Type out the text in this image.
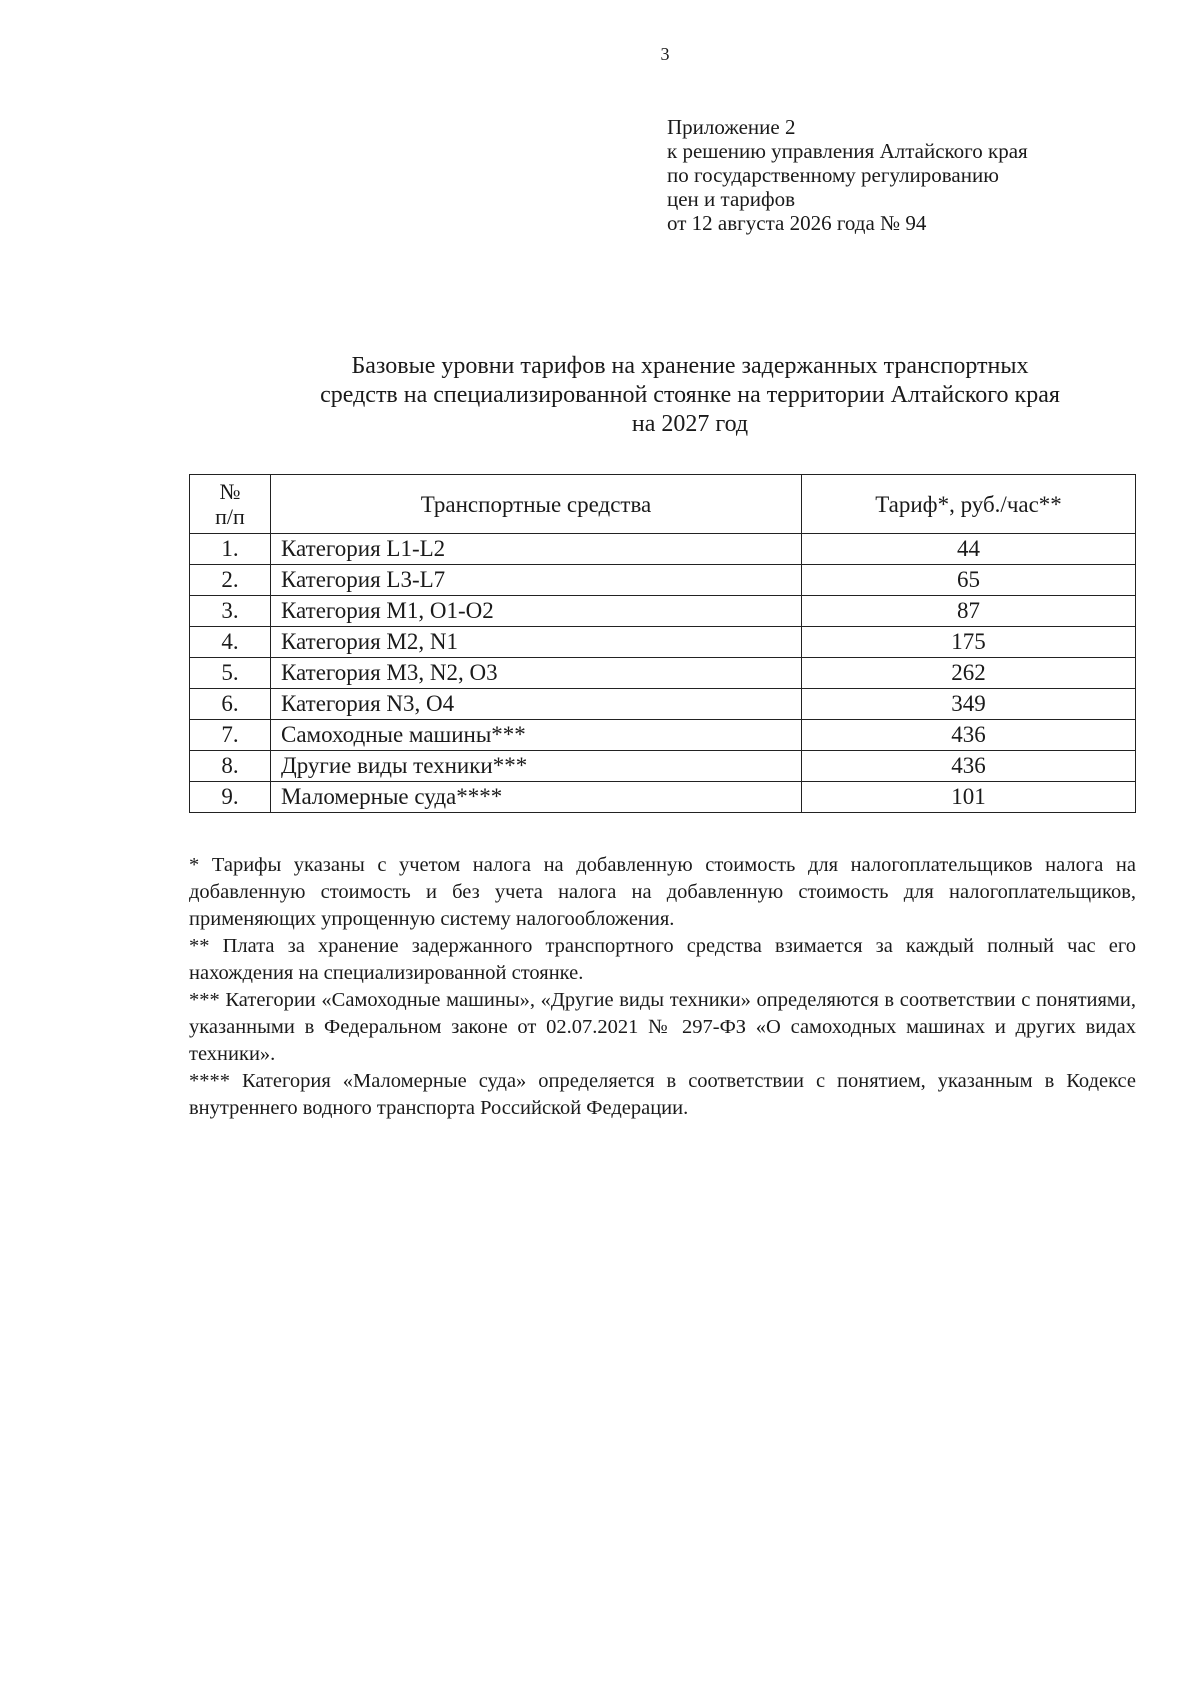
3
Приложение 2
к решению управления Алтайского края
по государственному регулированию
цен и тарифов
от 12 августа 2026 года № 94
Базовые уровни тарифов на хранение задержанных транспортных
средств на специализированной стоянке на территории Алтайского края
на 2027 год
№
п/п	Транспортные средства	Тариф*, руб./час**
1.	Категория L1-L2	44
2.	Категория L3-L7	65
3.	Категория М1, О1-О2	87
4.	Категория М2, N1	175
5.	Категория М3, N2, О3	262
6.	Категория N3, О4	349
7.	Самоходные машины***	436
8.	Другие виды техники***	436
9.	Маломерные суда****	101

* Тарифы указаны с учетом налога на добавленную стоимость для налогоплательщиков налога на добавленную стоимость и без учета налога на добавленную стоимость для налогоплательщиков, применяющих упрощенную систему налогообложения.

** Плата за хранение задержанного транспортного средства взимается за каждый полный час его нахождения на специализированной стоянке.

*** Категории «Самоходные машины», «Другие виды техники» определяются в соответствии с понятиями, указанными в Федеральном законе от 02.07.2021 № 297-ФЗ «О самоходных машинах и других видах техники».

**** Категория «Маломерные суда» определяется в соответствии с понятием, указанным в Кодексе внутреннего водного транспорта Российской Федерации.
